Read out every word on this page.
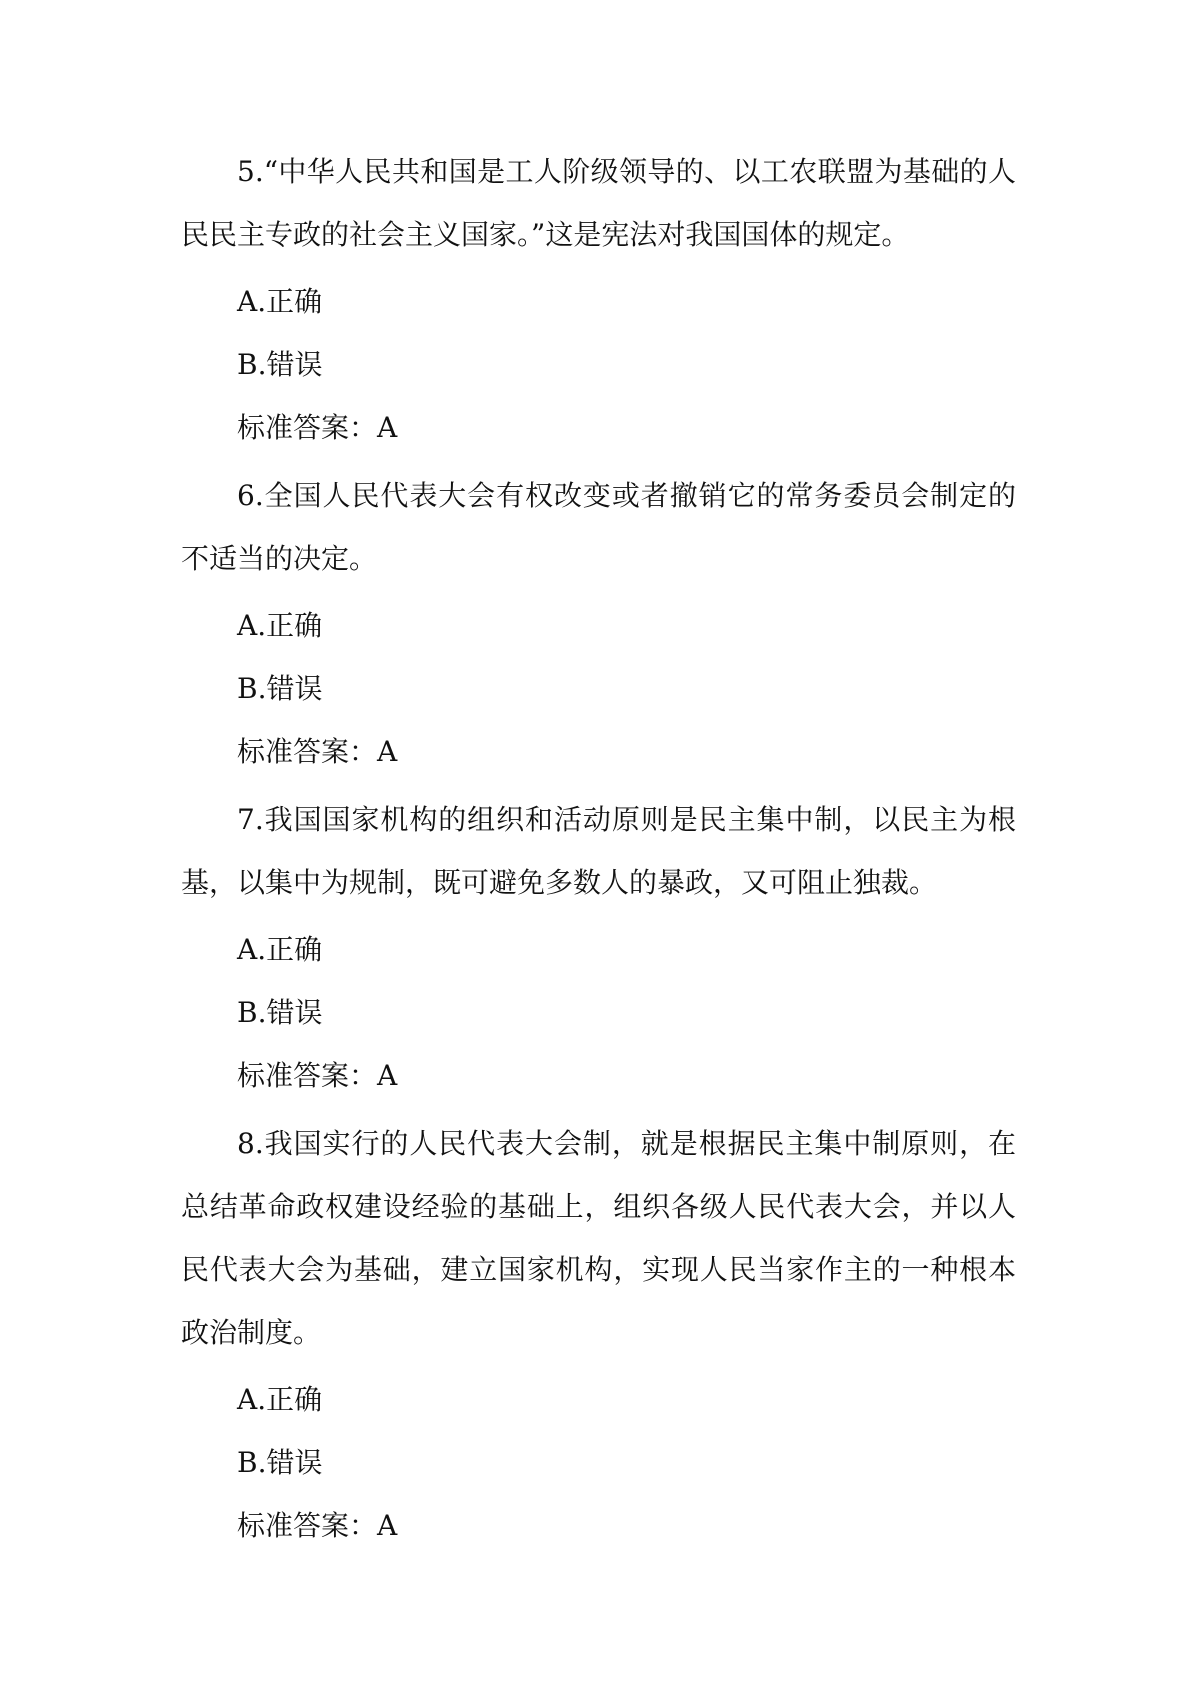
5.“中华人民共和国是工人阶级领导的、以工农联盟为基础的人民民主专政的社会主义国家。”这是宪法对我国国体的规定。

A.正确
B.错误
标准答案：A

6.全国人民代表大会有权改变或者撤销它的常务委员会制定的不适当的决定。

A.正确
B.错误
标准答案：A

7.我国国家机构的组织和活动原则是民主集中制，以民主为根基，以集中为规制，既可避免多数人的暴政，又可阻止独裁。

A.正确
B.错误
标准答案：A

8.我国实行的人民代表大会制，就是根据民主集中制原则，在总结革命政权建设经验的基础上，组织各级人民代表大会，并以人民代表大会为基础，建立国家机构，实现人民当家作主的一种根本政治制度。

A.正确
B.错误
标准答案：A
